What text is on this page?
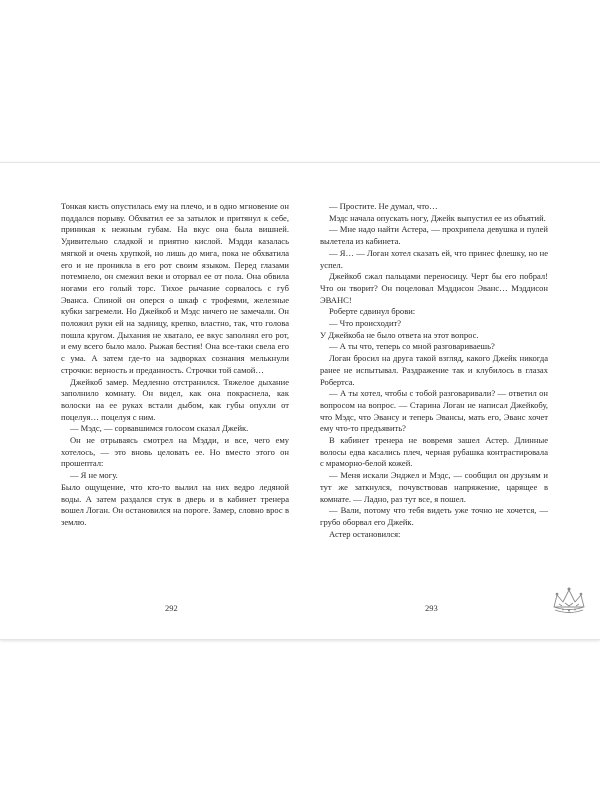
Тонкая кисть опустилась ему на плечо, и в одно мгновение он поддался порыву. Обхватил ее за затылок и притянул к себе, приникая к нежным губам. На вкус она была вишней. Удивительно сладкой и приятно кислой. Мэдди казалась мягкой и очень хрупкой, но лишь до мига, пока не обхватила его и не проникла в его рот своим языком. Перед глазами потемнело, он смежил веки и оторвал ее от пола. Она обвила ногами его голый торс. Тихое рычание сорвалось с губ Эванса. Спиной он оперся о шкаф с трофеями, железные кубки загремели. Но Джейкоб и Мэдс ничего не замечали. Он положил руки ей на задницу, крепко, властно, так, что голова пошла кругом. Дыхания не хватало, ее вкус заполнял его рот, и ему всего было мало. Рыжая бестия! Она все-таки свела его с ума. А затем где-то на задворках сознания мелькнули строчки: верность и преданность. Строчки той самой…

Джейкоб замер. Медленно отстранился. Тяжелое дыхание заполнило комнату. Он видел, как она покраснела, как волоски на ее руках встали дыбом, как губы опухли от поцелуя… поцелуя с ним.

— Мэдс, — сорвавшимся голосом сказал Джейк.

Он не отрываясь смотрел на Мэдди, и все, чего ему хотелось, — это вновь целовать ее. Но вместо этого он прошептал:

— Я не могу.

Было ощущение, что кто-то вылил на них ведро ледяной воды. А затем раздался стук в дверь и в кабинет тренера вошел Логан. Он остановился на пороге. Замер, словно врос в землю.

— Простите. Не думал, что…

Мэдс начала опускать ногу, Джейк выпустил ее из объятий.

— Мне надо найти Астера, — прохрипела девушка и пулей вылетела из кабинета.

— Я… — Логан хотел сказать ей, что принес флешку, но не успел.

Джейкоб сжал пальцами переносицу. Черт бы его побрал! Что он творит? Он поцеловал Мэддисон Эванс… Мэддисон ЭВАНС!

Роберте сдвинул брови:

— Что происходит?

У Джейкоба не было ответа на этот вопрос.

— А ты что, теперь со мной разговариваешь?

Логан бросил на друга такой взгляд, какого Джейк никогда ранее не испытывал. Раздражение так и клубилось в глазах Робертса.

— А ты хотел, чтобы с тобой разговаривали? — ответил он вопросом на вопрос. — Старина Логан не написал Джейкобу, что Мэдс, что Эвансу и теперь Эвансы, мать его, Эванс хочет ему что-то предъявить?

В кабинет тренера не вовремя зашел Астер. Длинные волосы едва касались плеч, черная рубашка контрастировала с мраморно-белой кожей.

— Меня искали Энджел и Мэдс, — сообщил он друзьям и тут же заткнулся, почувствовав напряжение, царящее в комнате. — Ладно, раз тут все, я пошел.

— Вали, потому что тебя видеть уже точно не хочется, — грубо оборвал его Джейк.

Астер остановился:

292	293
